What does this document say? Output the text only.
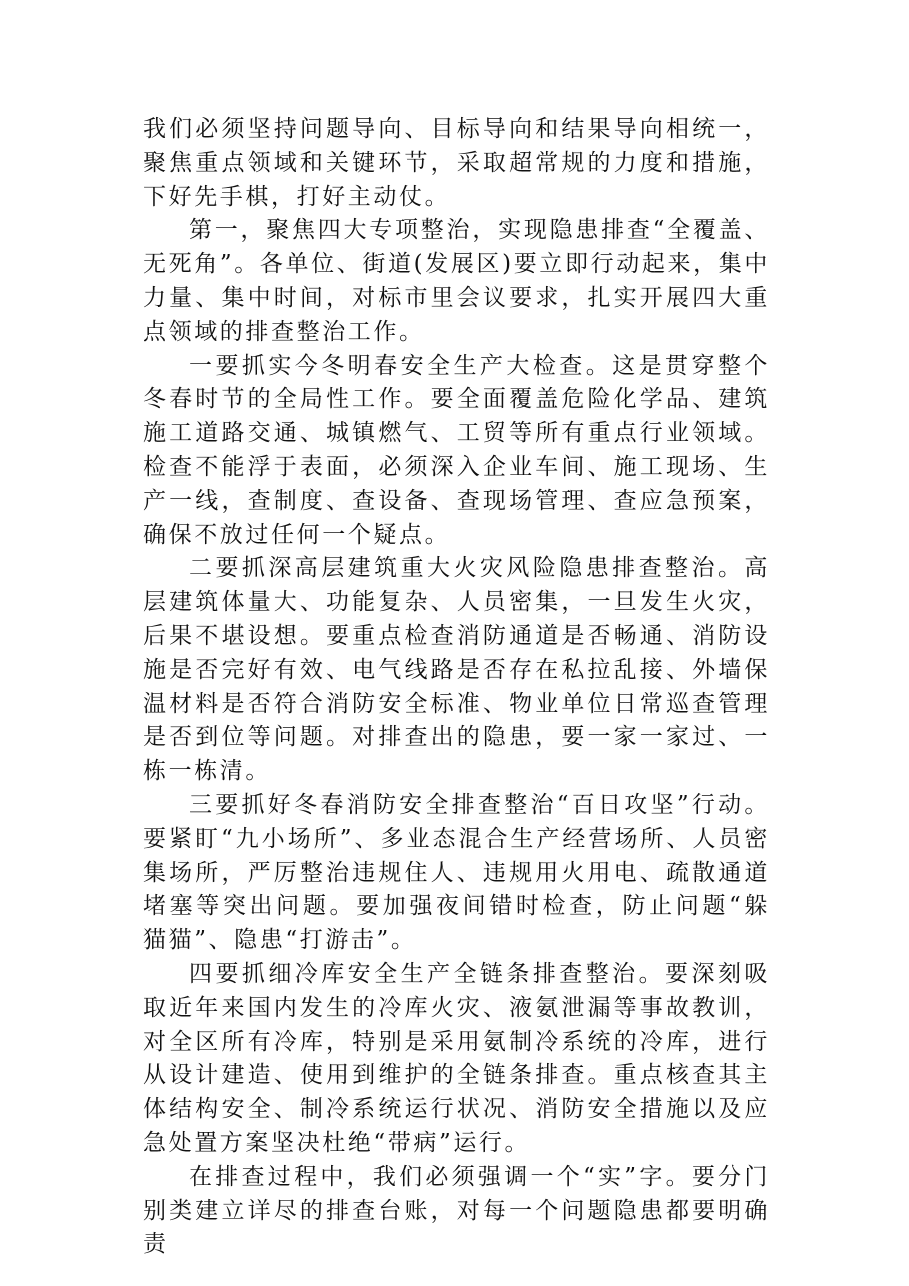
我们必须坚持问题导向、目标导向和结果导向相统一，聚焦重点领域和关键环节，采取超常规的力度和措施，下好先手棋，打好主动仗。

第一，聚焦四大专项整治，实现隐患排查“全覆盖、无死角”。各单位、街道(发展区)要立即行动起来，集中力量、集中时间，对标市里会议要求，扎实开展四大重点领域的排查整治工作。

一要抓实今冬明春安全生产大检查。这是贯穿整个冬春时节的全局性工作。要全面覆盖危险化学品、建筑施工道路交通、城镇燃气、工贸等所有重点行业领域。检查不能浮于表面，必须深入企业车间、施工现场、生产一线，查制度、查设备、查现场管理、查应急预案，确保不放过任何一个疑点。

二要抓深高层建筑重大火灾风险隐患排查整治。高层建筑体量大、功能复杂、人员密集，一旦发生火灾，后果不堪设想。要重点检查消防通道是否畅通、消防设施是否完好有效、电气线路是否存在私拉乱接、外墙保温材料是否符合消防安全标准、物业单位日常巡查管理是否到位等问题。对排查出的隐患，要一家一家过、一栋一栋清。

三要抓好冬春消防安全排查整治“百日攻坚”行动。要紧盯“九小场所”、多业态混合生产经营场所、人员密集场所，严厉整治违规住人、违规用火用电、疏散通道堵塞等突出问题。要加强夜间错时检查，防止问题“躲猫猫”、隐患“打游击”。

四要抓细冷库安全生产全链条排查整治。要深刻吸取近年来国内发生的冷库火灾、液氨泄漏等事故教训，对全区所有冷库，特别是采用氨制冷系统的冷库，进行从设计建造、使用到维护的全链条排查。重点核查其主体结构安全、制冷系统运行状况、消防安全措施以及应急处置方案坚决杜绝“带病”运行。

在排查过程中，我们必须强调一个“实”字。要分门别类建立详尽的排查台账，对每一个问题隐患都要明确责
